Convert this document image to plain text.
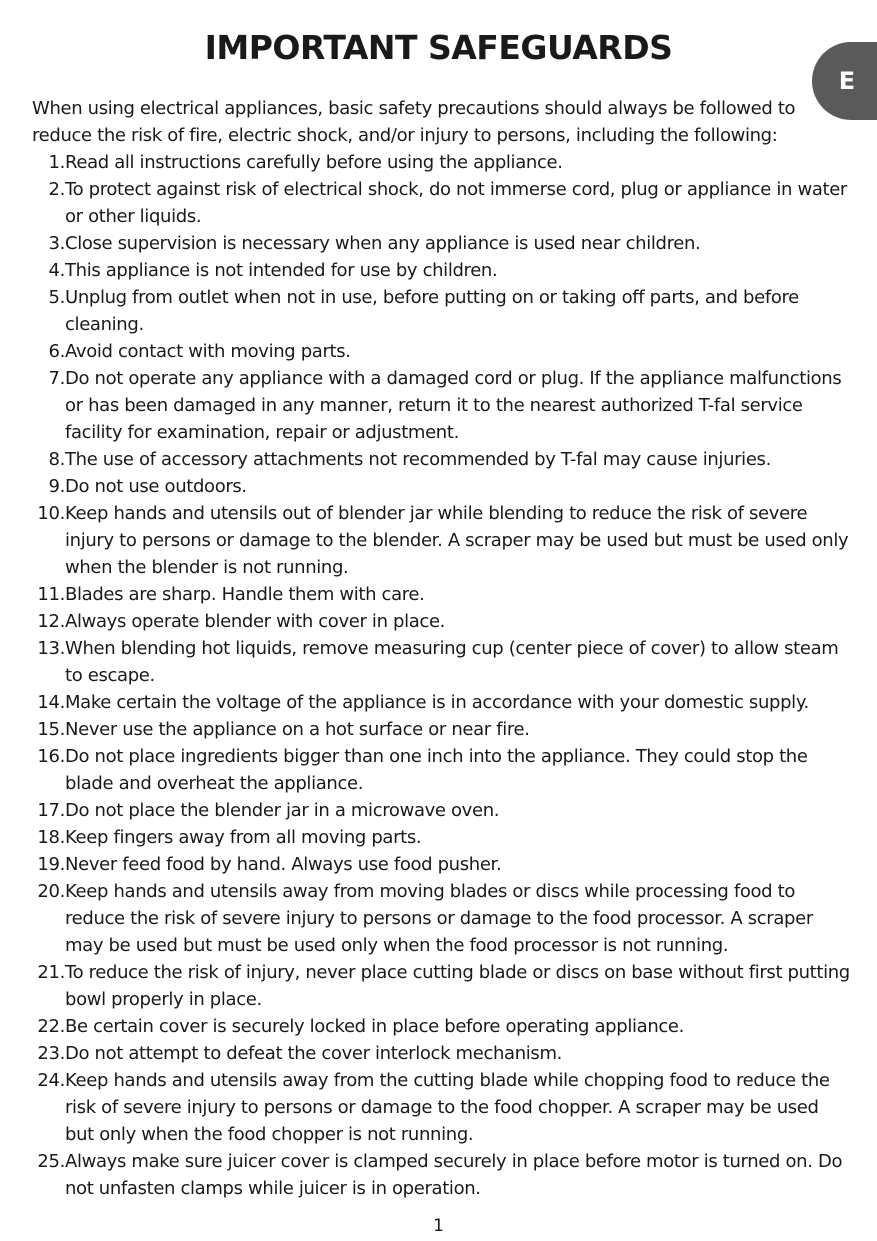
IMPORTANT SAFEGUARDS
E

When using electrical appliances, basic safety precautions should always be followed to reduce the risk of fire, electric shock, and/or injury to persons, including the following:

1. Read all instructions carefully before using the appliance.
2. To protect against risk of electrical shock, do not immerse cord, plug or appliance in water or other liquids.
3. Close supervision is necessary when any appliance is used near children.
4. This appliance is not intended for use by children.
5. Unplug from outlet when not in use, before putting on or taking off parts, and before cleaning.
6. Avoid contact with moving parts.
7. Do not operate any appliance with a damaged cord or plug. If the appliance malfunctions or has been damaged in any manner, return it to the nearest authorized T-fal service facility for examination, repair or adjustment.
8. The use of accessory attachments not recommended by T-fal may cause injuries.
9. Do not use outdoors.
10. Keep hands and utensils out of blender jar while blending to reduce the risk of severe injury to persons or damage to the blender. A scraper may be used but must be used only when the blender is not running.
11. Blades are sharp. Handle them with care.
12. Always operate blender with cover in place.
13. When blending hot liquids, remove measuring cup (center piece of cover) to allow steam to escape.
14. Make certain the voltage of the appliance is in accordance with your domestic supply.
15. Never use the appliance on a hot surface or near fire.
16. Do not place ingredients bigger than one inch into the appliance. They could stop the blade and overheat the appliance.
17. Do not place the blender jar in a microwave oven.
18. Keep fingers away from all moving parts.
19. Never feed food by hand. Always use food pusher.
20. Keep hands and utensils away from moving blades or discs while processing food to reduce the risk of severe injury to persons or damage to the food processor. A scraper may be used but must be used only when the food processor is not running.
21. To reduce the risk of injury, never place cutting blade or discs on base without first putting bowl properly in place.
22. Be certain cover is securely locked in place before operating appliance.
23. Do not attempt to defeat the cover interlock mechanism.
24. Keep hands and utensils away from the cutting blade while chopping food to reduce the risk of severe injury to persons or damage to the food chopper. A scraper may be used but only when the food chopper is not running.
25. Always make sure juicer cover is clamped securely in place before motor is turned on. Do not unfasten clamps while juicer is in operation.
1
